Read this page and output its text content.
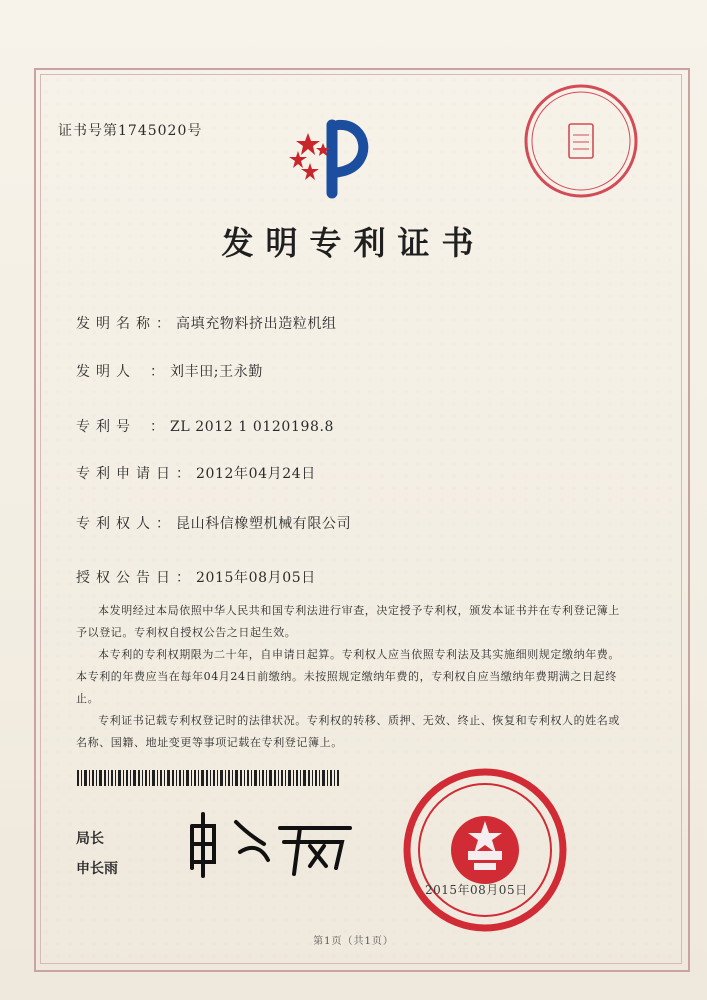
证书号第1745020号
发明专利证书
发明名称： 高填充物料挤出造粒机组
发明人 ： 刘丰田;王永勤
专利号 ： ZL 2012 1 0120198.8
专利申请日： 2012年04月24日
专利权人： 昆山科信橡塑机械有限公司
授权公告日： 2015年08月05日

本发明经过本局依照中华人民共和国专利法进行审查，决定授予专利权，颁发本证书并在专利登记簿上予以登记。专利权自授权公告之日起生效。

本专利的专利权期限为二十年，自申请日起算。专利权人应当依照专利法及其实施细则规定缴纳年费。本专利的年费应当在每年04月24日前缴纳。未按照规定缴纳年费的，专利权自应当缴纳年费期满之日起终止。

专利证书记载专利权登记时的法律状况。专利权的转移、质押、无效、终止、恢复和专利权人的姓名或名称、国籍、地址变更等事项记载在专利登记簿上。

局长
申长雨
2015年08月05日
第1页（共1页）
